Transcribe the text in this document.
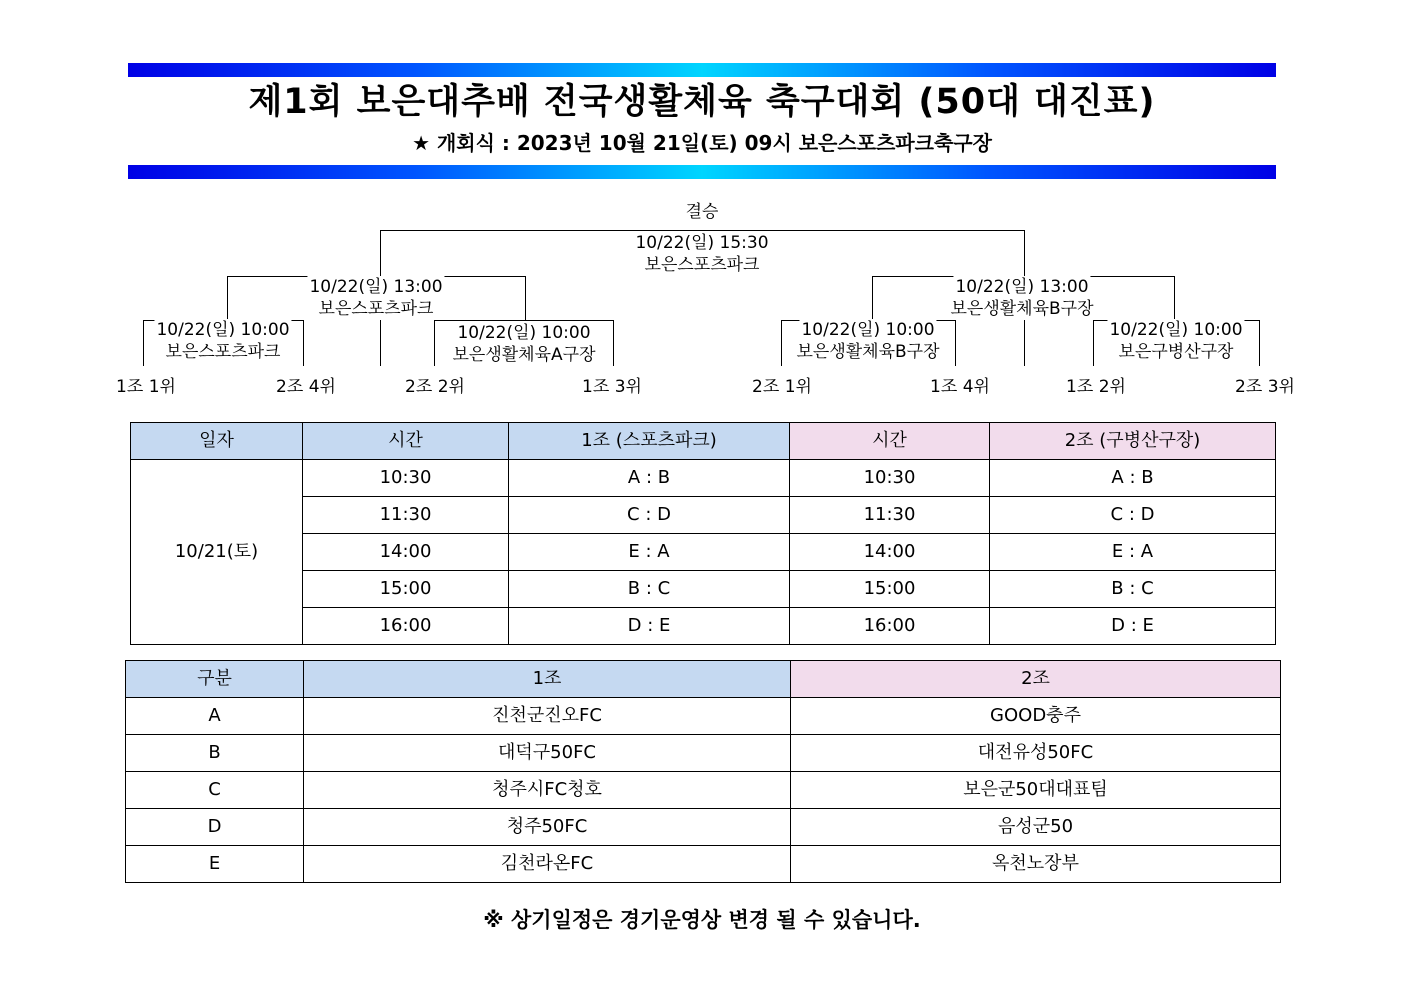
제1회 보은대추배 전국생활체육 축구대회 (50대 대진표)
★ 개회식 : 2023년 10월 21일(토) 09시 보은스포츠파크축구장
결승
10/22(일) 15:30
보은스포츠파크
10/22(일) 13:00
보은스포츠파크
10/22(일) 13:00
보은생활체육B구장
10/22(일) 10:00
보은스포츠파크
10/22(일) 10:00
보은생활체육A구장
10/22(일) 10:00
보은생활체육B구장
10/22(일) 10:00
보은구병산구장
1조 1위	2조 4위	2조 2위	1조 3위	2조 1위	1조 4위	1조 2위	2조 3위
일자	시간	1조 (스포츠파크)	시간	2조 (구병산구장)
10/21(토)	10:30	A : B	10:30	A : B
	11:30	C : D	11:30	C : D
	14:00	E : A	14:00	E : A
	15:00	B : C	15:00	B : C
	16:00	D : E	16:00	D : E
구분	1조	2조
A	진천군진오FC	GOOD충주
B	대덕구50FC	대전유성50FC
C	청주시FC청호	보은군50대대표팀
D	청주50FC	음성군50
E	김천라온FC	옥천노장부
※ 상기일정은 경기운영상 변경 될 수 있습니다.
